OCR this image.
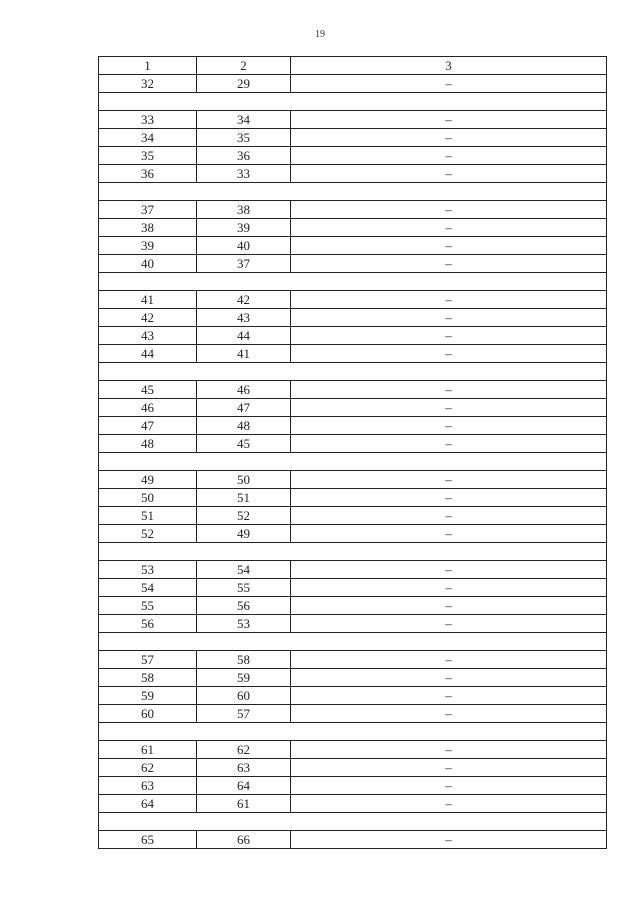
19
1	2	3
32	29	–

33	34	–
34	35	–
35	36	–
36	33	–

37	38	–
38	39	–
39	40	–
40	37	–

41	42	–
42	43	–
43	44	–
44	41	–

45	46	–
46	47	–
47	48	–
48	45	–

49	50	–
50	51	–
51	52	–
52	49	–

53	54	–
54	55	–
55	56	–
56	53	–

57	58	–
58	59	–
59	60	–
60	57	–

61	62	–
62	63	–
63	64	–
64	61	–

65	66	–
